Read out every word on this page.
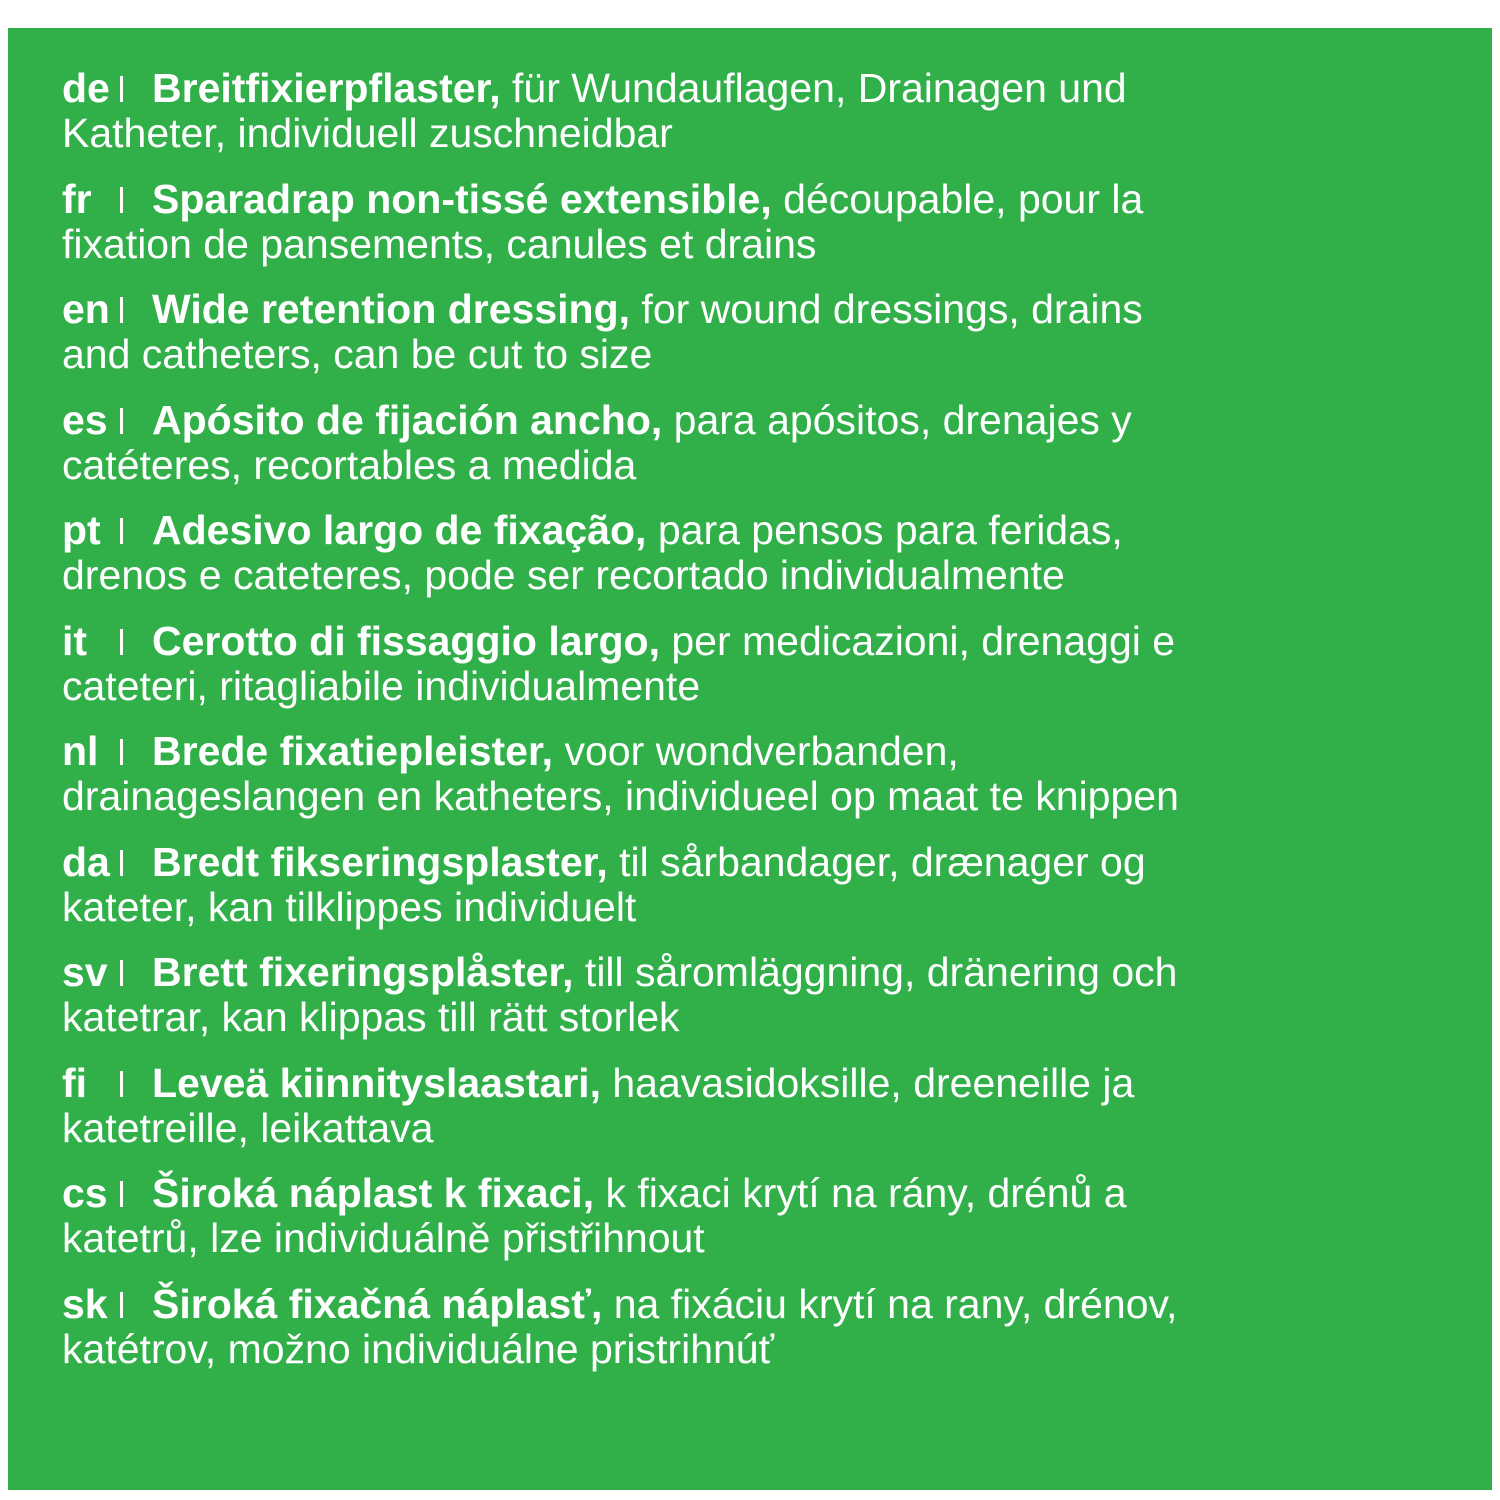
de Breitfixierpflaster, für Wundauflagen, Drainagen und
Katheter, individuell zuschneidbar
fr Sparadrap non-tissé extensible, découpable, pour la
fixation de pansements, canules et drains
en Wide retention dressing, for wound dressings, drains
and catheters, can be cut to size
es Apósito de fijación ancho, para apósitos, drenajes y
catéteres, recortables a medida
pt Adesivo largo de fixação, para pensos para feridas,
drenos e cateteres, pode ser recortado individualmente
it Cerotto di fissaggio largo, per medicazioni, drenaggi e
cateteri, ritagliabile individualmente
nl Brede fixatiepleister, voor wondverbanden,
drainageslangen en katheters, individueel op maat te knippen
da Bredt fikseringsplaster, til sårbandager, drænager og
kateter, kan tilklippes individuelt
sv Brett fixeringsplåster, till såromläggning, dränering och
katetrar, kan klippas till rätt storlek
fi Leveä kiinnityslaastari, haavasidoksille, dreeneille ja
katetreille, leikattava
cs Široká náplast k fixaci, k fixaci krytí na rány, drénů a
katetrů, lze individuálně přistřihnout
sk Široká fixačná náplasť, na fixáciu krytí na rany, drénov,
katétrov, možno individuálne pristrihnúť
